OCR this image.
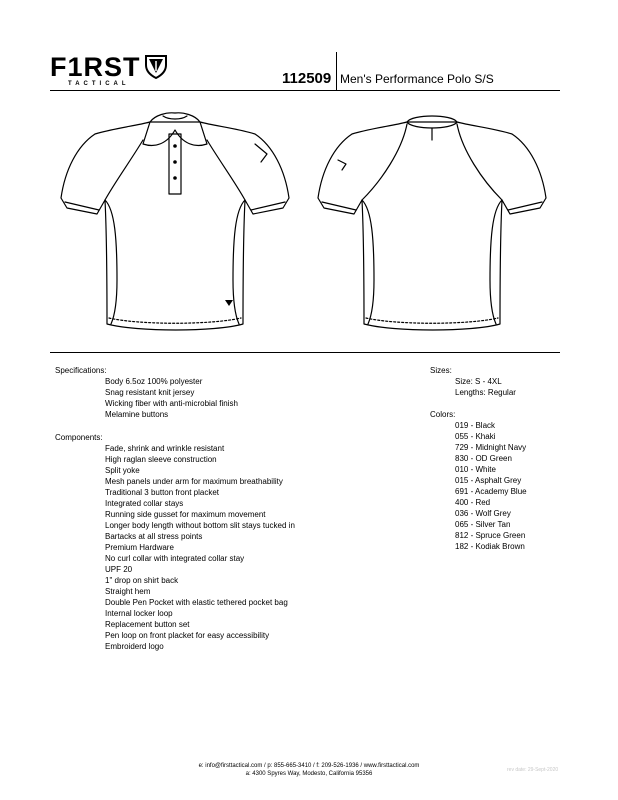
F1RST
TACTICAL	112509 Men's Performance Polo S/S
Specifications:
Body 6.5oz 100% polyester
Snag resistant knit jersey
Wicking fiber with anti-microbial finish
Melamine buttons
Components:
Fade, shrink and wrinkle resistant
High raglan sleeve construction
Split yoke
Mesh panels under arm for maximum breathability
Traditional 3 button front placket
Integrated collar stays
Running side gusset for maximum movement
Longer body length without bottom slit stays tucked in
Bartacks at all stress points
Premium Hardware
No curl collar with integrated collar stay
UPF 20
1" drop on shirt back
Straight hem
Double Pen Pocket with elastic tethered pocket bag
Internal locker loop
Replacement button set
Pen loop on front placket for easy accessibility
Embroiderd logo
Sizes:
Size: S - 4XL
Lengths: Regular
Colors:
019 - Black
055 - Khaki
729 - Midnight Navy
830 - OD Green
010 - White
015 - Asphalt Grey
691 - Academy Blue
400 - Red
036 - Wolf Grey
065 - Silver Tan
812 - Spruce Green
182 - Kodiak Brown
e: info@firsttactical.com / p: 855-665-3410 / f: 209-526-1936 / www.firsttactical.com
a: 4300 Spyres Way, Modesto, California 95356
rev date: 29-Sept-2020
